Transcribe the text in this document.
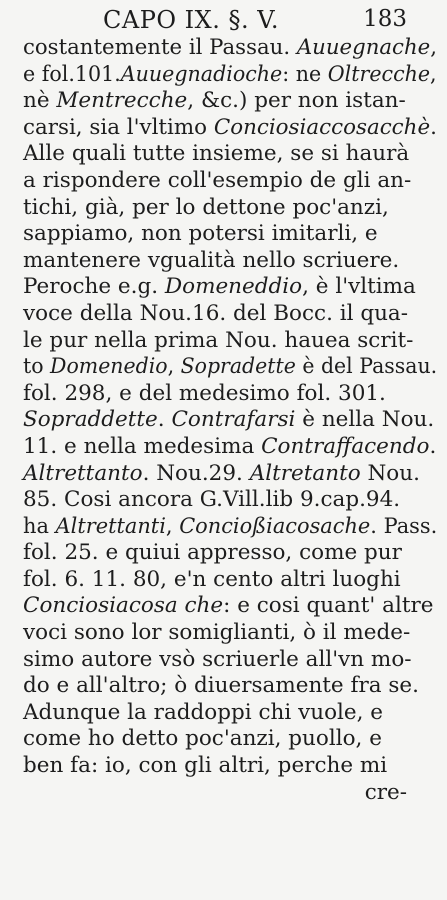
CAPO IX. §. V.	183
costantemente il Passau. Auuegnache,
e fol.101.Auuegnadioche: ne Oltrecche,
nè Mentrecche, &c.) per non istan-
carsi, sia l'vltimo Conciosiaccosacchè.
Alle quali tutte insieme, se si haurà
a rispondere coll'esempio de gli an-
tichi, già, per lo dettone poc'anzi,
sappiamo, non potersi imitarli, e
mantenere vgualità nello scriuere.
Peroche e.g. Domeneddio, è l'vltima
voce della Nou.16. del Bocc. il qua-
le pur nella prima Nou. hauea scrit-
to Domenedio, Sopradette è del Passau.
fol. 298, e del medesimo fol. 301.
Sopraddette. Contrafarsi è nella Nou.
11. e nella medesima Contraffacendo.
Altrettanto. Nou.29. Altretanto Nou.
85. Cosi ancora G.Vill.lib 9.cap.94.
ha Altrettanti, Concioßiacosache. Pass.
fol. 25. e quiui appresso, come pur
fol. 6. 11. 80, e'n cento altri luoghi
Conciosiacosa che: e cosi quant' altre
voci sono lor somiglianti, ò il mede-
simo autore vsò scriuerle all'vn mo-
do e all'altro; ò diuersamente fra se.
Adunque la raddoppi chi vuole, e
come ho detto poc'anzi, puollo, e
ben fa: io, con gli altri, perche mi
cre-
